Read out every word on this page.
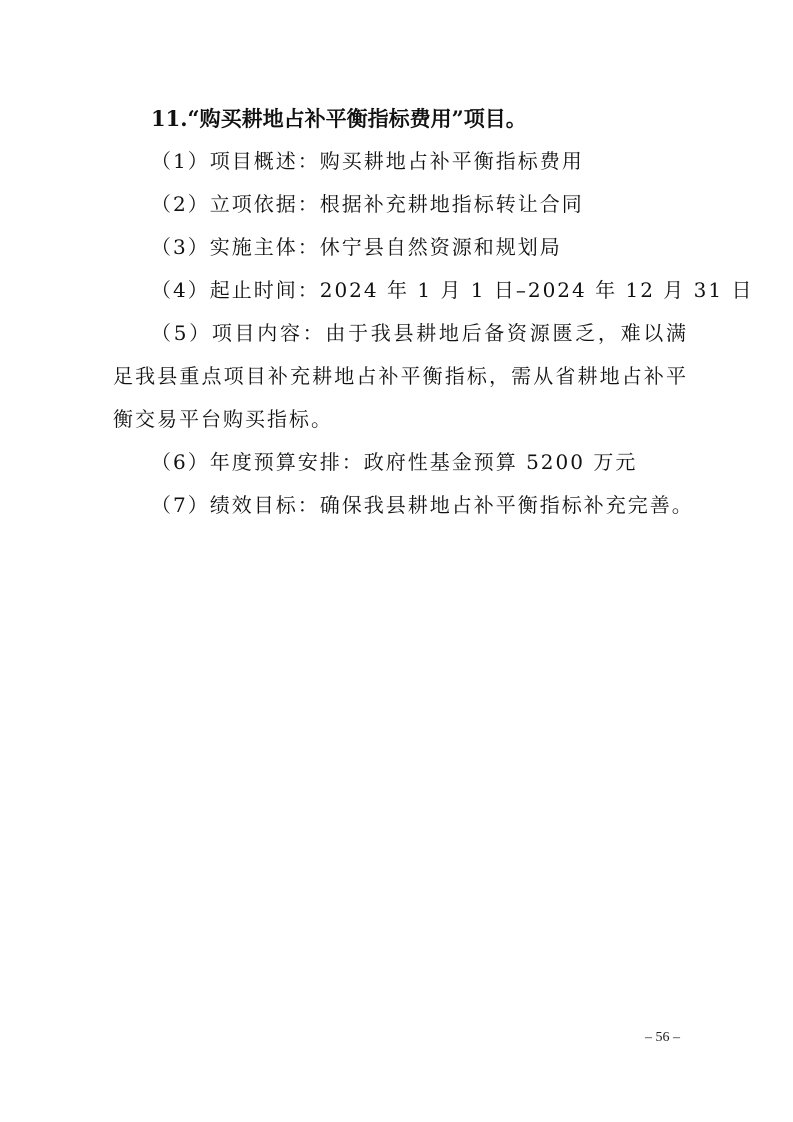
11.“购买耕地占补平衡指标费用”项目。

（1）项目概述：购买耕地占补平衡指标费用

（2）立项依据：根据补充耕地指标转让合同

（3）实施主体：休宁县自然资源和规划局

（4）起止时间：2024 年 1 月 1 日–2024 年 12 月 31 日

（5）项目内容：由于我县耕地后备资源匮乏，难以满足我县重点项目补充耕地占补平衡指标，需从省耕地占补平衡交易平台购买指标。

（6）年度预算安排：政府性基金预算 5200 万元

（7）绩效目标：确保我县耕地占补平衡指标补充完善。

– 56 –
